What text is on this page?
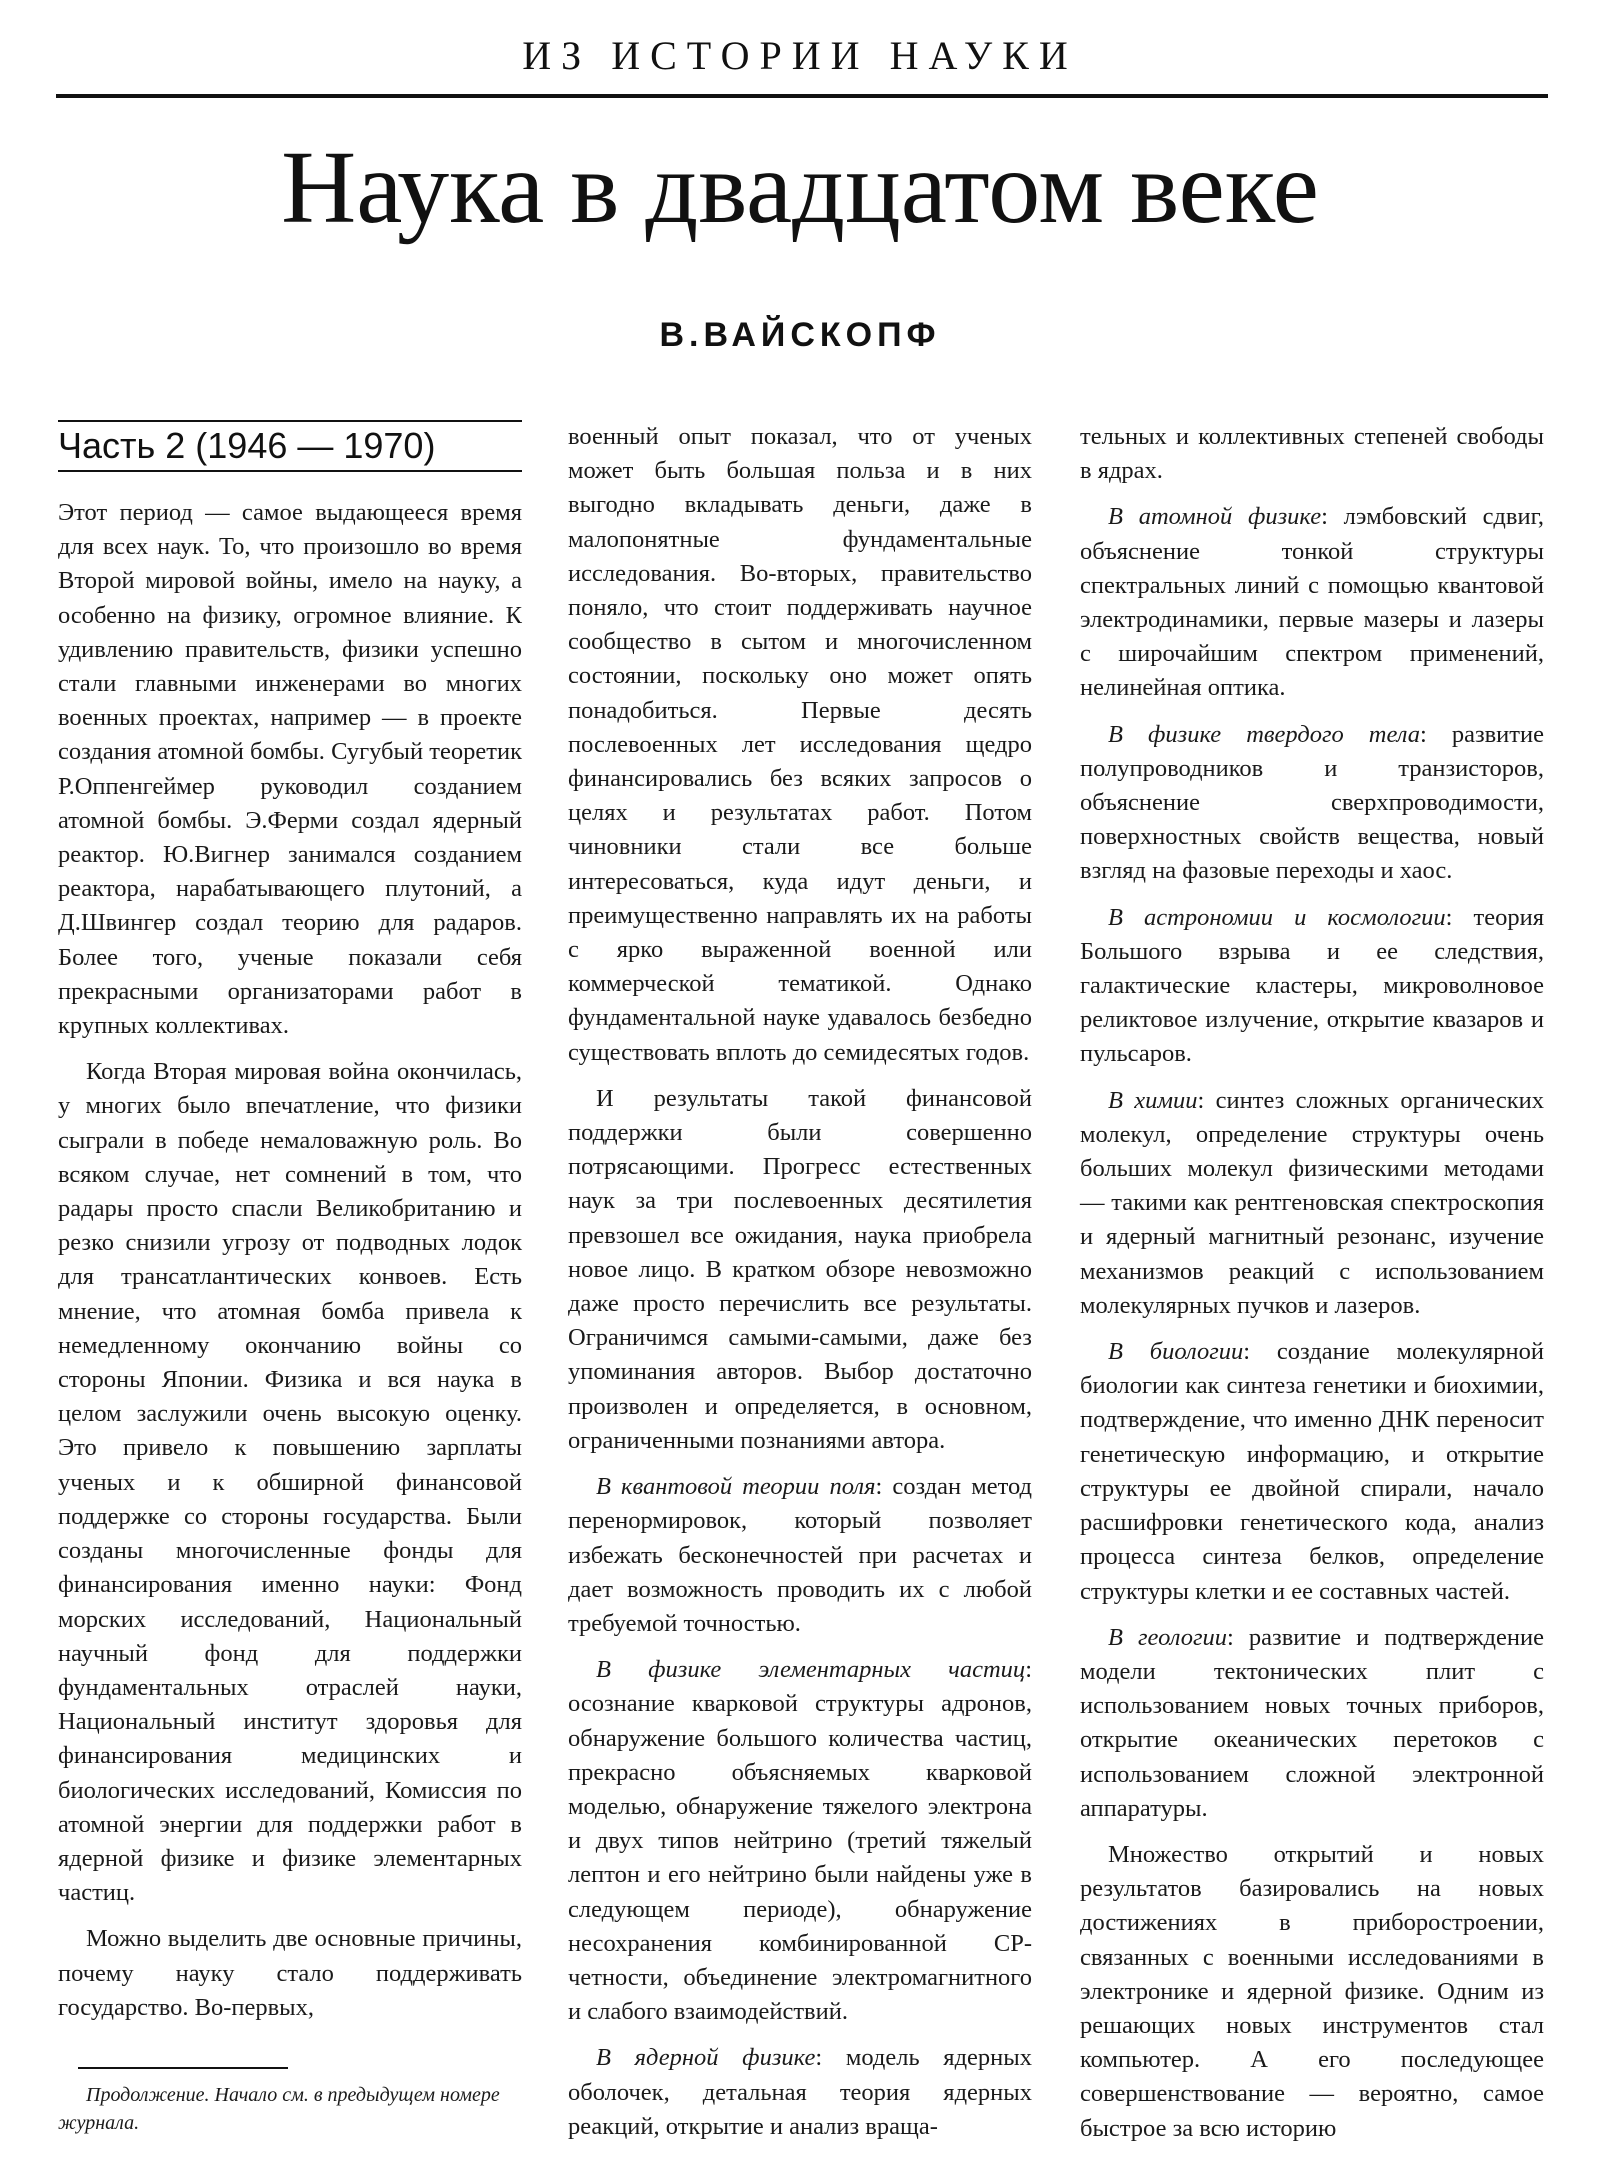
ИЗ ИСТОРИИ НАУКИ
Наука в двадцатом веке
В.ВАЙСКОПФ
Часть 2 (1946 — 1970)

Этот период — самое выдающееся время для всех наук. То, что произошло во время Второй мировой войны, имело на науку, а особенно на физику, огромное влияние. К удивлению правительств, физики успешно стали главными инженерами во многих военных проектах, например — в проекте создания атомной бомбы. Сугубый теоретик Р.Оппенгеймер руководил созданием атомной бомбы. Э.Ферми создал ядерный реактор. Ю.Вигнер занимался созданием реактора, нарабатывающего плутоний, а Д.Швингер создал теорию для радаров. Более того, ученые показали себя прекрасными организаторами работ в крупных коллективах.

Когда Вторая мировая война окончилась, у многих было впечатление, что физики сыграли в победе немаловажную роль. Во всяком случае, нет сомнений в том, что радары просто спасли Великобританию и резко снизили угрозу от подводных лодок для трансатлантических конвоев. Есть мнение, что атомная бомба привела к немедленному окончанию войны со стороны Японии. Физика и вся наука в целом заслужили очень высокую оценку. Это привело к повышению зарплаты ученых и к обширной финансовой поддержке со стороны государства. Были созданы многочисленные фонды для финансирования именно науки: Фонд морских исследований, Национальный научный фонд для поддержки фундаментальных отраслей науки, Национальный институт здоровья для финансирования медицинских и биологических исследований, Комиссия по атомной энергии для поддержки работ в ядерной физике и физике элементарных частиц.

Можно выделить две основные причины, почему науку стало поддерживать государство. Во-первых,

Продолжение. Начало см. в предыдущем номере журнала.

военный опыт показал, что от ученых может быть большая польза и в них выгодно вкладывать деньги, даже в малопонятные фундаментальные исследования. Во-вторых, правительство поняло, что стоит поддерживать научное сообщество в сытом и многочисленном состоянии, поскольку оно может опять понадобиться. Первые десять послевоенных лет исследования щедро финансировались без всяких запросов о целях и результатах работ. Потом чиновники стали все больше интересоваться, куда идут деньги, и преимущественно направлять их на работы с ярко выраженной военной или коммерческой тематикой. Однако фундаментальной науке удавалось безбедно существовать вплоть до семидесятых годов.

И результаты такой финансовой поддержки были совершенно потрясающими. Прогресс естественных наук за три послевоенных десятилетия превзошел все ожидания, наука приобрела новое лицо. В кратком обзоре невозможно даже просто перечислить все результаты. Ограничимся самыми-самыми, даже без упоминания авторов. Выбор достаточно произволен и определяется, в основном, ограниченными познаниями автора.

В квантовой теории поля: создан метод перенормировок, который позволяет избежать бесконечностей при расчетах и дает возможность проводить их с любой требуемой точностью.

В физике элементарных частиц: осознание кварковой структуры адронов, обнаружение большого количества частиц, прекрасно объясняемых кварковой моделью, обнаружение тяжелого электрона и двух типов нейтрино (третий тяжелый лептон и его нейтрино были найдены уже в следующем периоде), обнаружение несохранения комбинированной CP-четности, объединение электромагнитного и слабого взаимодействий.

В ядерной физике: модель ядерных оболочек, детальная теория ядерных реакций, открытие и анализ враща-

тельных и коллективных степеней свободы в ядрах.

В атомной физике: лэмбовский сдвиг, объяснение тонкой структуры спектральных линий с помощью квантовой электродинамики, первые мазеры и лазеры с широчайшим спектром применений, нелинейная оптика.

В физике твердого тела: развитие полупроводников и транзисторов, объяснение сверхпроводимости, поверхностных свойств вещества, новый взгляд на фазовые переходы и хаос.

В астрономии и космологии: теория Большого взрыва и ее следствия, галактические кластеры, микроволновое реликтовое излучение, открытие квазаров и пульсаров.

В химии: синтез сложных органических молекул, определение структуры очень больших молекул физическими методами — такими как рентгеновская спектроскопия и ядерный магнитный резонанс, изучение механизмов реакций с использованием молекулярных пучков и лазеров.

В биологии: создание молекулярной биологии как синтеза генетики и биохимии, подтверждение, что именно ДНК переносит генетическую информацию, и открытие структуры ее двойной спирали, начало расшифровки генетического кода, анализ процесса синтеза белков, определение структуры клетки и ее составных частей.

В геологии: развитие и подтверждение модели тектонических плит с использованием новых точных приборов, открытие океанических перетоков с использованием сложной электронной аппаратуры.

Множество открытий и новых результатов базировались на новых достижениях в приборостроении, связанных с военными исследованиями в электронике и ядерной физике. Одним из решающих новых инструментов стал компьютер. А его последующее совершенствование — вероятно, самое быстрое за всю историю
